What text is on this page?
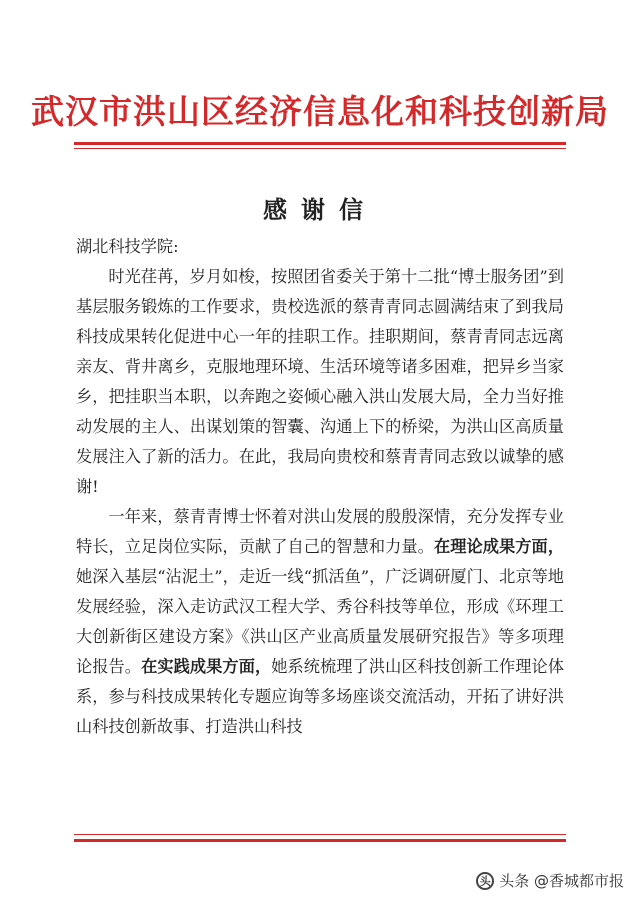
武汉市洪山区经济信息化和科技创新局
感谢信

湖北科技学院:

时光荏苒，岁月如梭，按照团省委关于第十二批“博士服务团”到基层服务锻炼的工作要求，贵校选派的蔡青青同志圆满结束了到我局科技成果转化促进中心一年的挂职工作。挂职期间，蔡青青同志远离亲友、背井离乡，克服地理环境、生活环境等诸多困难，把异乡当家乡，把挂职当本职，以奔跑之姿倾心融入洪山发展大局，全力当好推动发展的主人、出谋划策的智囊、沟通上下的桥梁，为洪山区高质量发展注入了新的活力。在此，我局向贵校和蔡青青同志致以诚挚的感谢!

一年来，蔡青青博士怀着对洪山发展的殷殷深情，充分发挥专业特长，立足岗位实际，贡献了自己的智慧和力量。在理论成果方面，她深入基层“沾泥土”，走近一线“抓活鱼”，广泛调研厦门、北京等地发展经验，深入走访武汉工程大学、秀谷科技等单位，形成《环理工大创新街区建设方案》《洪山区产业高质量发展研究报告》等多项理论报告。在实践成果方面，她系统梳理了洪山区科技创新工作理论体系，参与科技成果转化专题应询等多场座谈交流活动，开拓了讲好洪山科技创新故事、打造洪山科技

头 头条 @香城都市报
